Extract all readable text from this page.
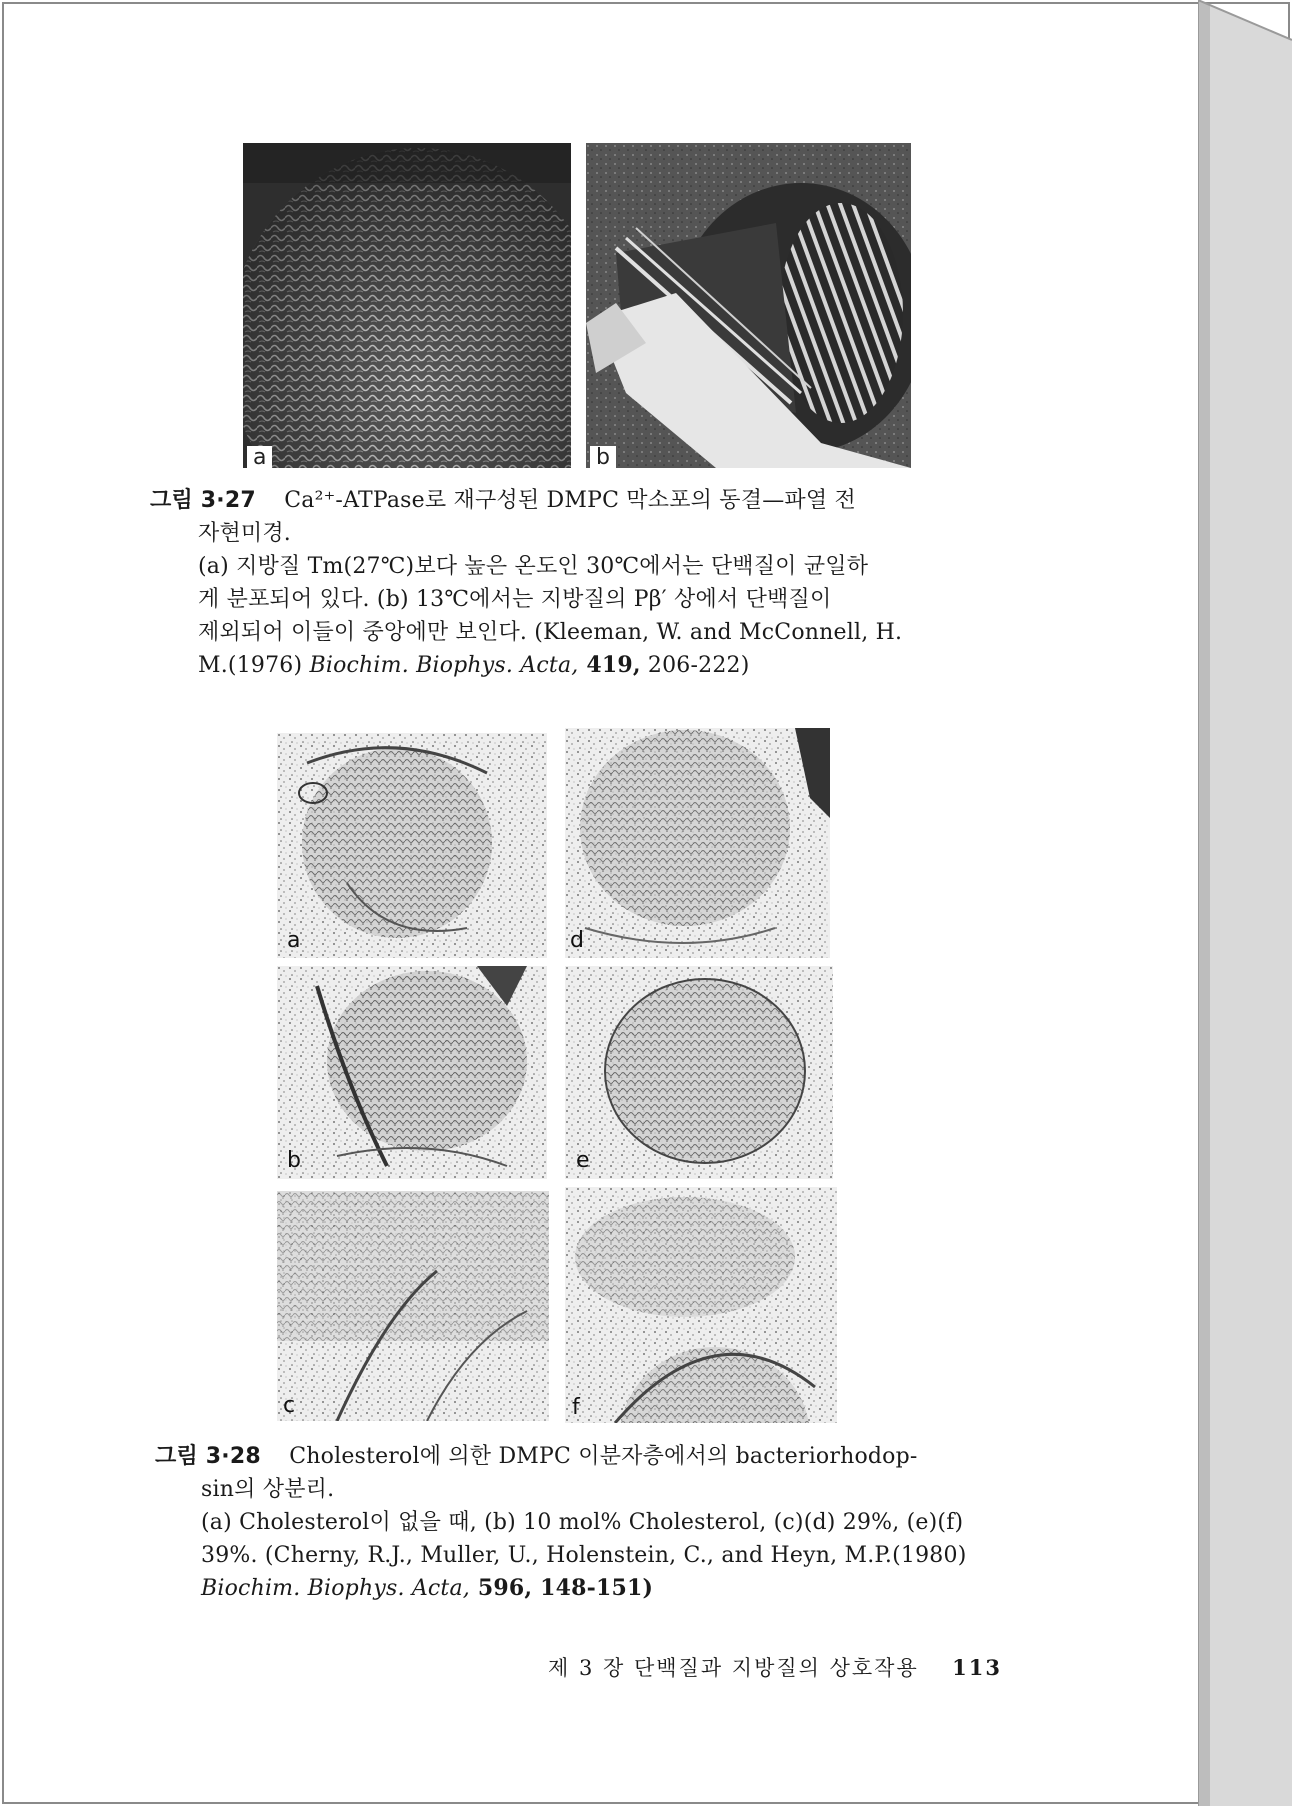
a	b
그림 3·27 Ca²⁺-ATPase로 재구성된 DMPC 막소포의 동결—파열 전
자현미경.
(a) 지방질 Tm(27℃)보다 높은 온도인 30℃에서는 단백질이 균일하
게 분포되어 있다. (b) 13℃에서는 지방질의 Pβ′ 상에서 단백질이
제외되어 이들이 중앙에만 보인다. (Kleeman, W. and McConnell, H.
M.(1976) Biochim. Biophys. Acta, 419, 206-222)
a	d
b	e
c	f
그림 3·28 Cholesterol에 의한 DMPC 이분자층에서의 bacteriorhodop-
sin의 상분리.
(a) Cholesterol이 없을 때, (b) 10 mol% Cholesterol, (c)(d) 29%, (e)(f)
39%. (Cherny, R.J., Muller, U., Holenstein, C., and Heyn, M.P.(1980)
Biochim. Biophys. Acta, 596, 148-151)
제 3 장 단백질과 지방질의 상호작용 113
